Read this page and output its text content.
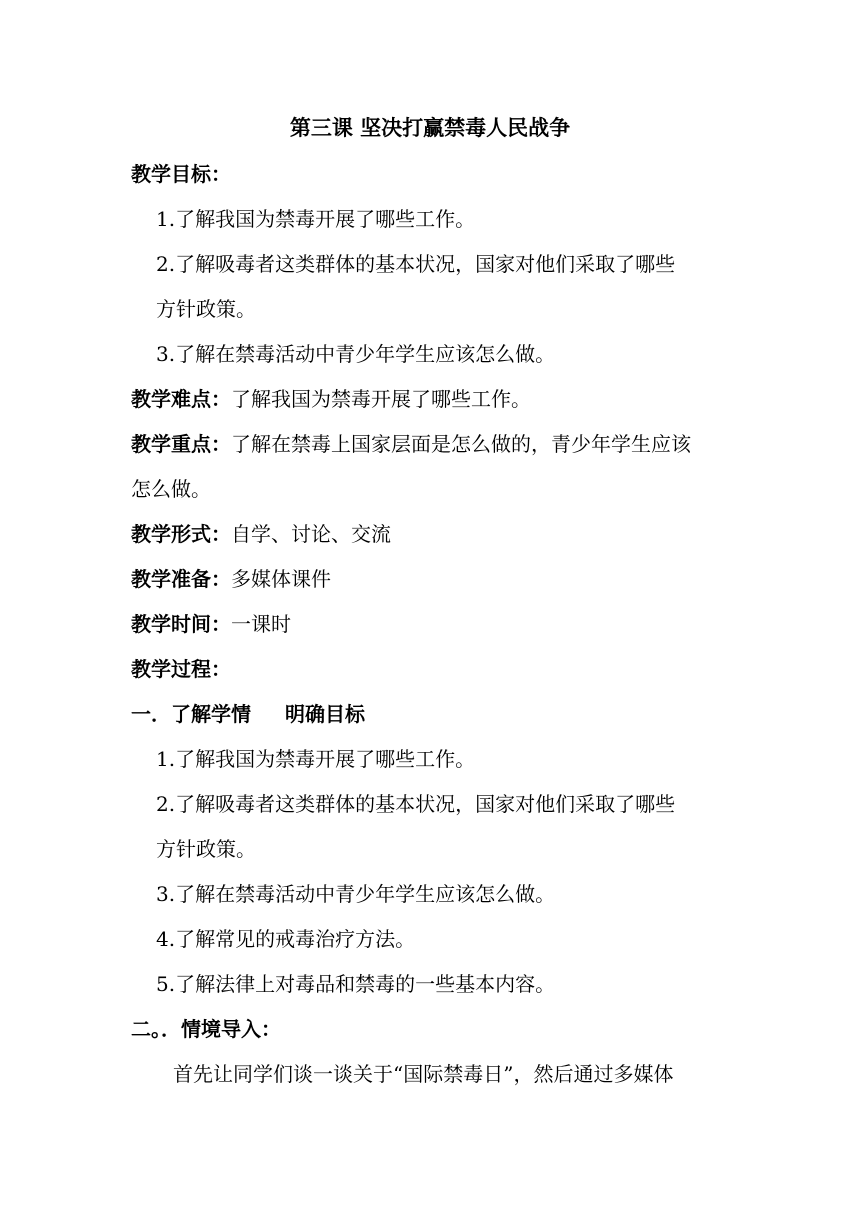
第三课 坚决打赢禁毒人民战争
教学目标：
1.了解我国为禁毒开展了哪些工作。
2.了解吸毒者这类群体的基本状况，国家对他们采取了哪些
方针政策。
3.了解在禁毒活动中青少年学生应该怎么做。
教学难点：了解我国为禁毒开展了哪些工作。
教学重点：了解在禁毒上国家层面是怎么做的，青少年学生应该
怎么做。
教学形式：自学、讨论、交流
教学准备：多媒体课件
教学时间：一课时
教学过程：
一．了解学情 明确目标
1.了解我国为禁毒开展了哪些工作。
2.了解吸毒者这类群体的基本状况，国家对他们采取了哪些
方针政策。
3.了解在禁毒活动中青少年学生应该怎么做。
4.了解常见的戒毒治疗方法。
5.了解法律上对毒品和禁毒的一些基本内容。
二。．情境导入：
首先让同学们谈一谈关于“国际禁毒日”，然后通过多媒体
